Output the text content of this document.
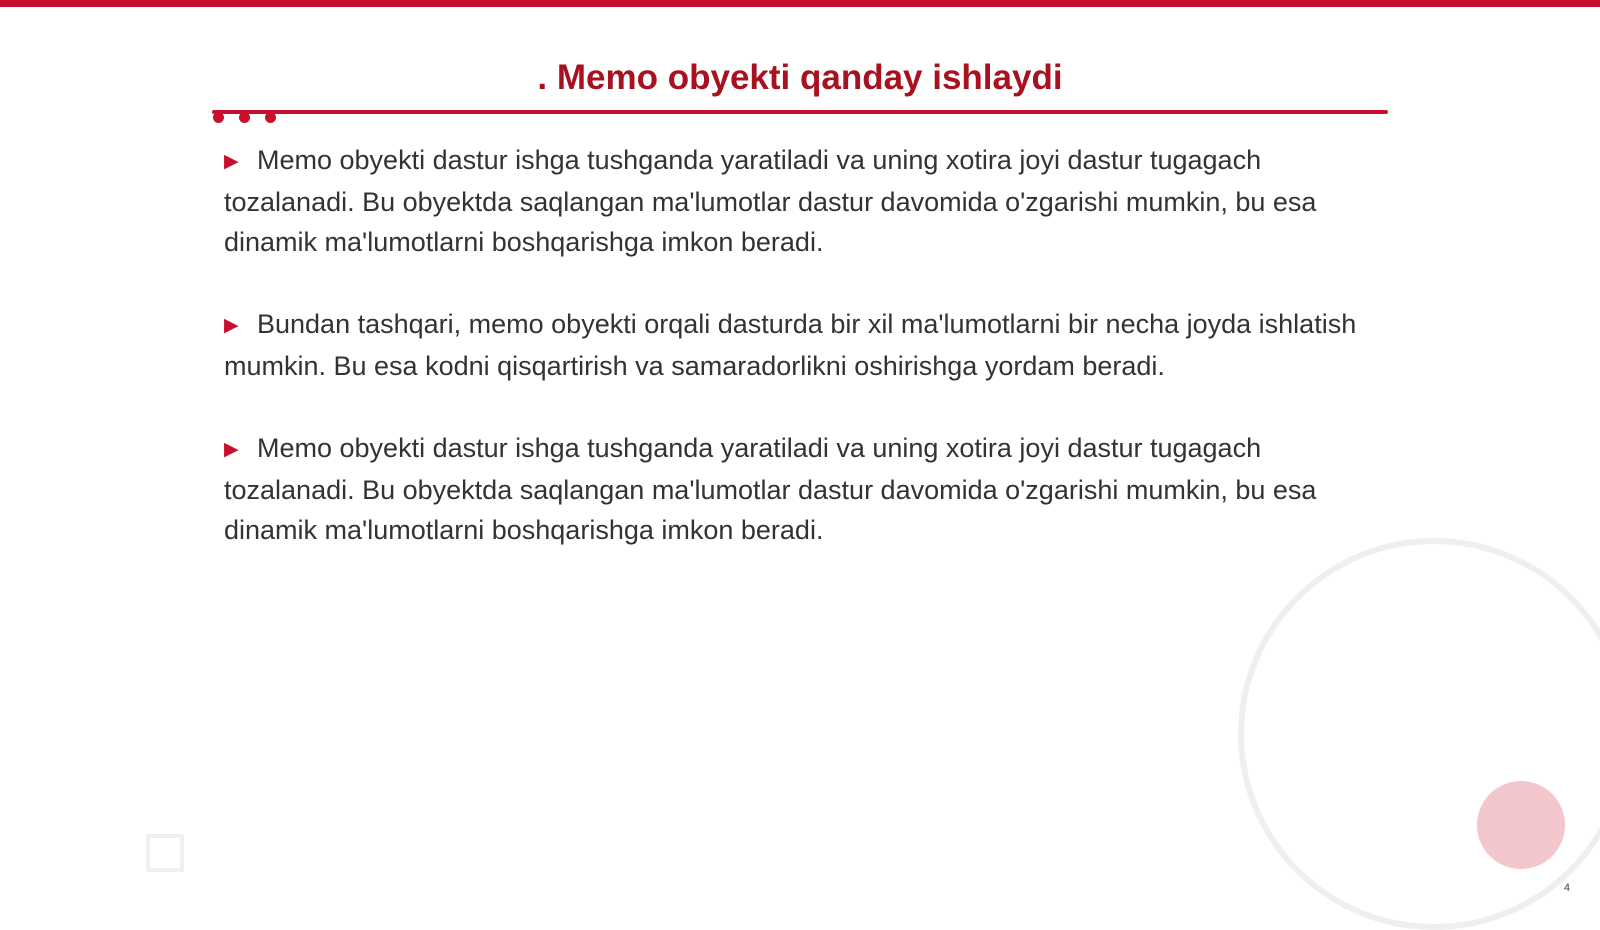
. Memo obyekti qanday ishlaydi

▶ Memo obyekti dastur ishga tushganda yaratiladi va uning xotira joyi dastur tugagach tozalanadi. Bu obyektda saqlangan ma'lumotlar dastur davomida o'zgarishi mumkin, bu esa dinamik ma'lumotlarni boshqarishga imkon beradi.

▶ Bundan tashqari, memo obyekti orqali dasturda bir xil ma'lumotlarni bir necha joyda ishlatish mumkin. Bu esa kodni qisqartirish va samaradorlikni oshirishga yordam beradi.

▶ Memo obyekti dastur ishga tushganda yaratiladi va uning xotira joyi dastur tugagach tozalanadi. Bu obyektda saqlangan ma'lumotlar dastur davomida o'zgarishi mumkin, bu esa dinamik ma'lumotlarni boshqarishga imkon beradi.

4
